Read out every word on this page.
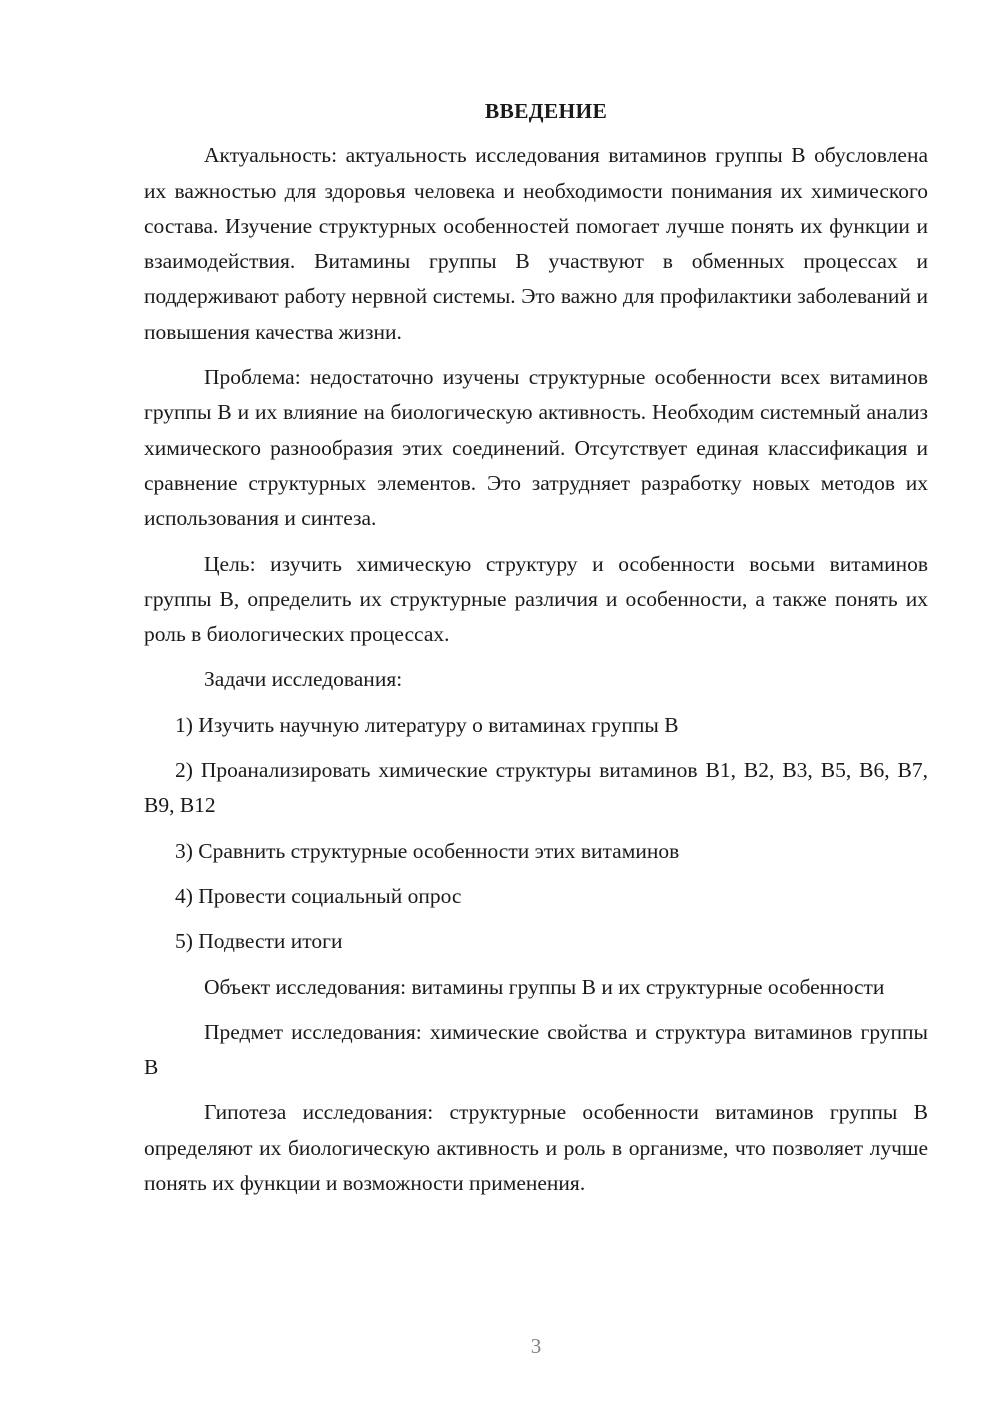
ВВЕДЕНИЕ

Актуальность: актуальность исследования витаминов группы В обусловлена их важностью для здоровья человека и необходимости понимания их химического состава. Изучение структурных особенностей помогает лучше понять их функции и взаимодействия. Витамины группы В участвуют в обменных процессах и поддерживают работу нервной системы. Это важно для профилактики заболеваний и повышения качества жизни.

Проблема: недостаточно изучены структурные особенности всех витаминов группы В и их влияние на биологическую активность. Необходим системный анализ химического разнообразия этих соединений. Отсутствует единая классификация и сравнение структурных элементов. Это затрудняет разработку новых методов их использования и синтеза.

Цель: изучить химическую структуру и особенности восьми витаминов группы В, определить их структурные различия и особенности, а также понять их роль в биологических процессах.

Задачи исследования:

1) Изучить научную литературу о витаминах группы В

2) Проанализировать химические структуры витаминов В1, В2, В3, В5, В6, В7, В9, В12

3) Сравнить структурные особенности этих витаминов

4) Провести социальный опрос

5) Подвести итоги

Объект исследования: витамины группы В и их структурные особенности

Предмет исследования: химические свойства и структура витаминов группы В

Гипотеза исследования: структурные особенности витаминов группы В определяют их биологическую активность и роль в организме, что позволяет лучше понять их функции и возможности применения.

3
